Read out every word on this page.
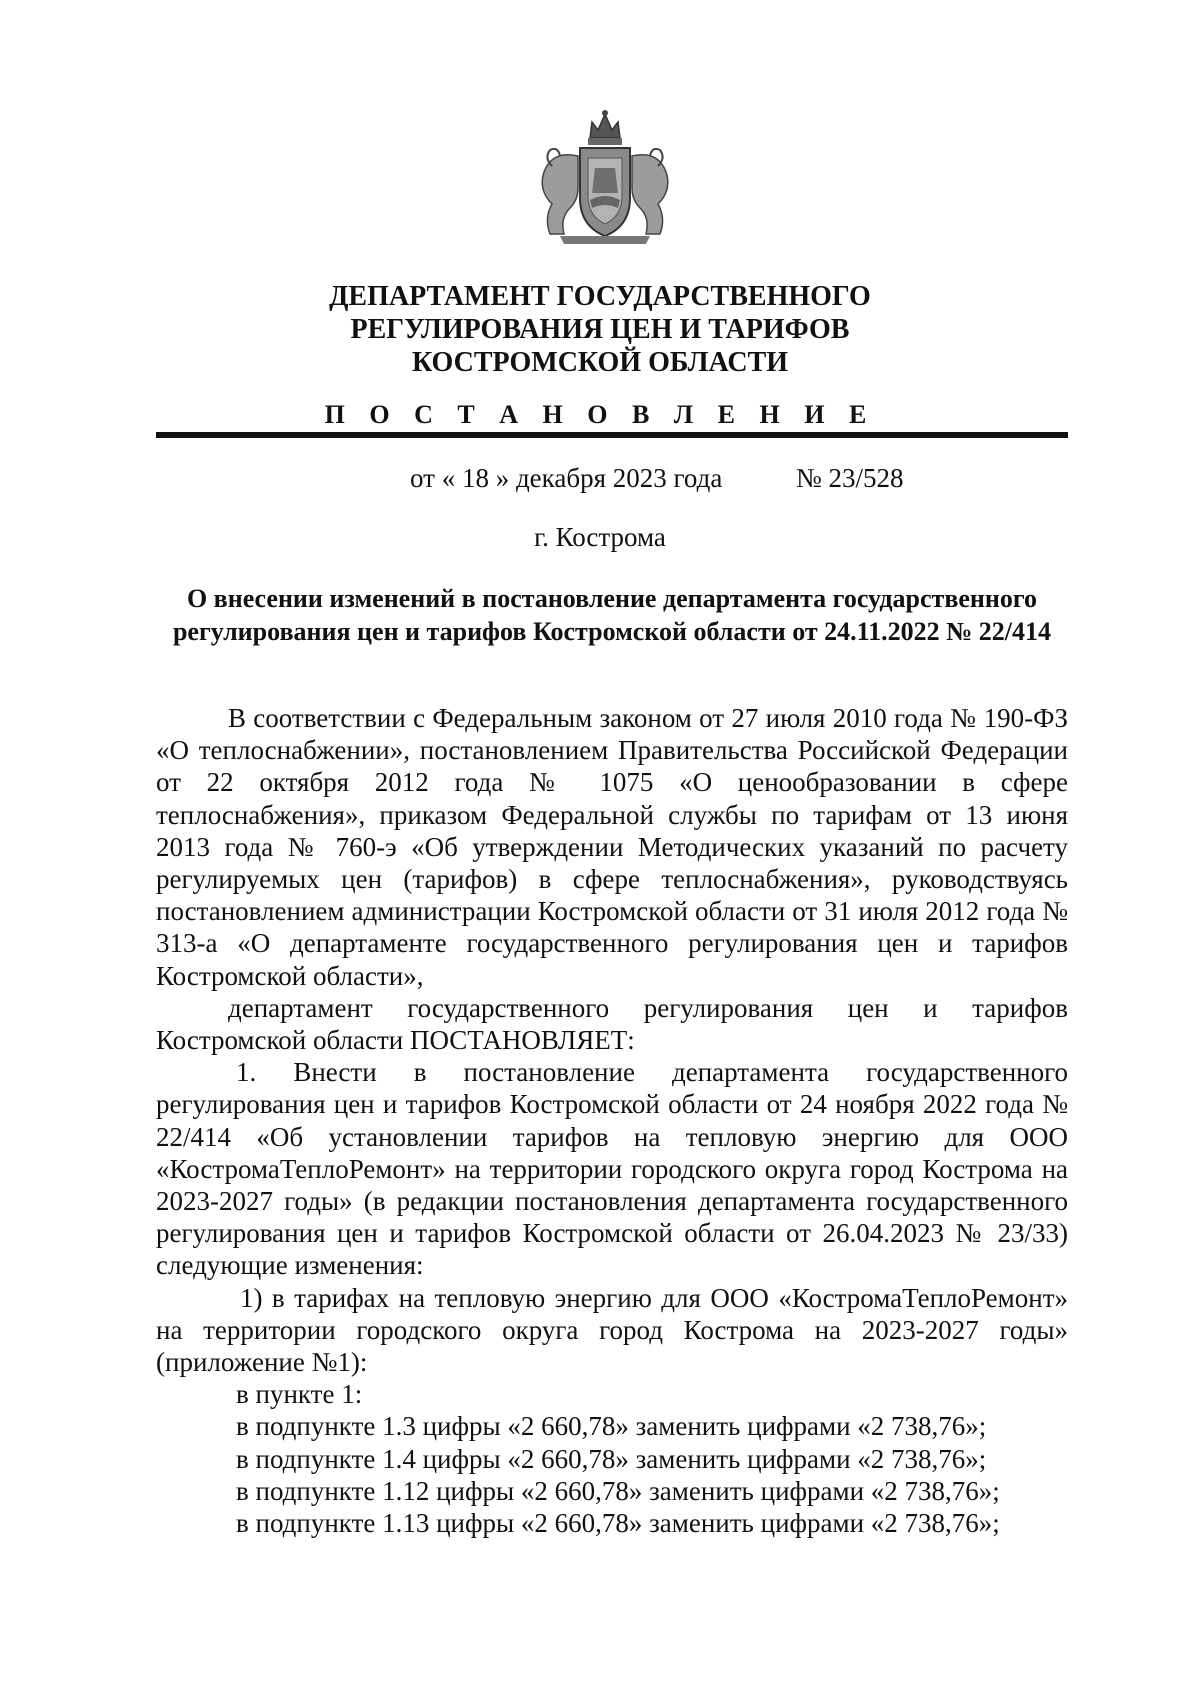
ДЕПАРТАМЕНТ ГОСУДАРСТВЕННОГО
РЕГУЛИРОВАНИЯ ЦЕН И ТАРИФОВ
КОСТРОМСКОЙ ОБЛАСТИ
П О С Т А Н О В Л Е Н И Е
от « 18 » декабря 2023 года	№ 23/528
г. Кострома
О внесении изменений в постановление департамента государственного
регулирования цен и тарифов Костромской области от 24.11.2022 № 22/414

В соответствии с Федеральным законом от 27 июля 2010 года № 190-ФЗ «О теплоснабжении», постановлением Правительства Российской Федерации от 22 октября 2012 года № 1075 «О ценообразовании в сфере теплоснабжения», приказом Федеральной службы по тарифам от 13 июня 2013 года № 760-э «Об утверждении Методических указаний по расчету регулируемых цен (тарифов) в сфере теплоснабжения», руководствуясь постановлением администрации Костромской области от 31 июля 2012 года № 313-а «О департаменте государственного регулирования цен и тарифов Костромской области»,

департамент государственного регулирования цен и тарифов Костромской области ПОСТАНОВЛЯЕТ:

1. Внести в постановление департамента государственного регулирования цен и тарифов Костромской области от 24 ноября 2022 года № 22/414 «Об установлении тарифов на тепловую энергию для ООО «КостромаТеплоРемонт» на территории городского округа город Кострома на 2023-2027 годы» (в редакции постановления департамента государственного регулирования цен и тарифов Костромской области от 26.04.2023 № 23/33) следующие изменения:

1) в тарифах на тепловую энергию для ООО «КостромаТеплоРемонт» на территории городского округа город Кострома на 2023-2027 годы» (приложение №1):

в пункте 1:

в подпункте 1.3 цифры «2 660,78» заменить цифрами «2 738,76»;

в подпункте 1.4 цифры «2 660,78» заменить цифрами «2 738,76»;

в подпункте 1.12 цифры «2 660,78» заменить цифрами «2 738,76»;

в подпункте 1.13 цифры «2 660,78» заменить цифрами «2 738,76»;
